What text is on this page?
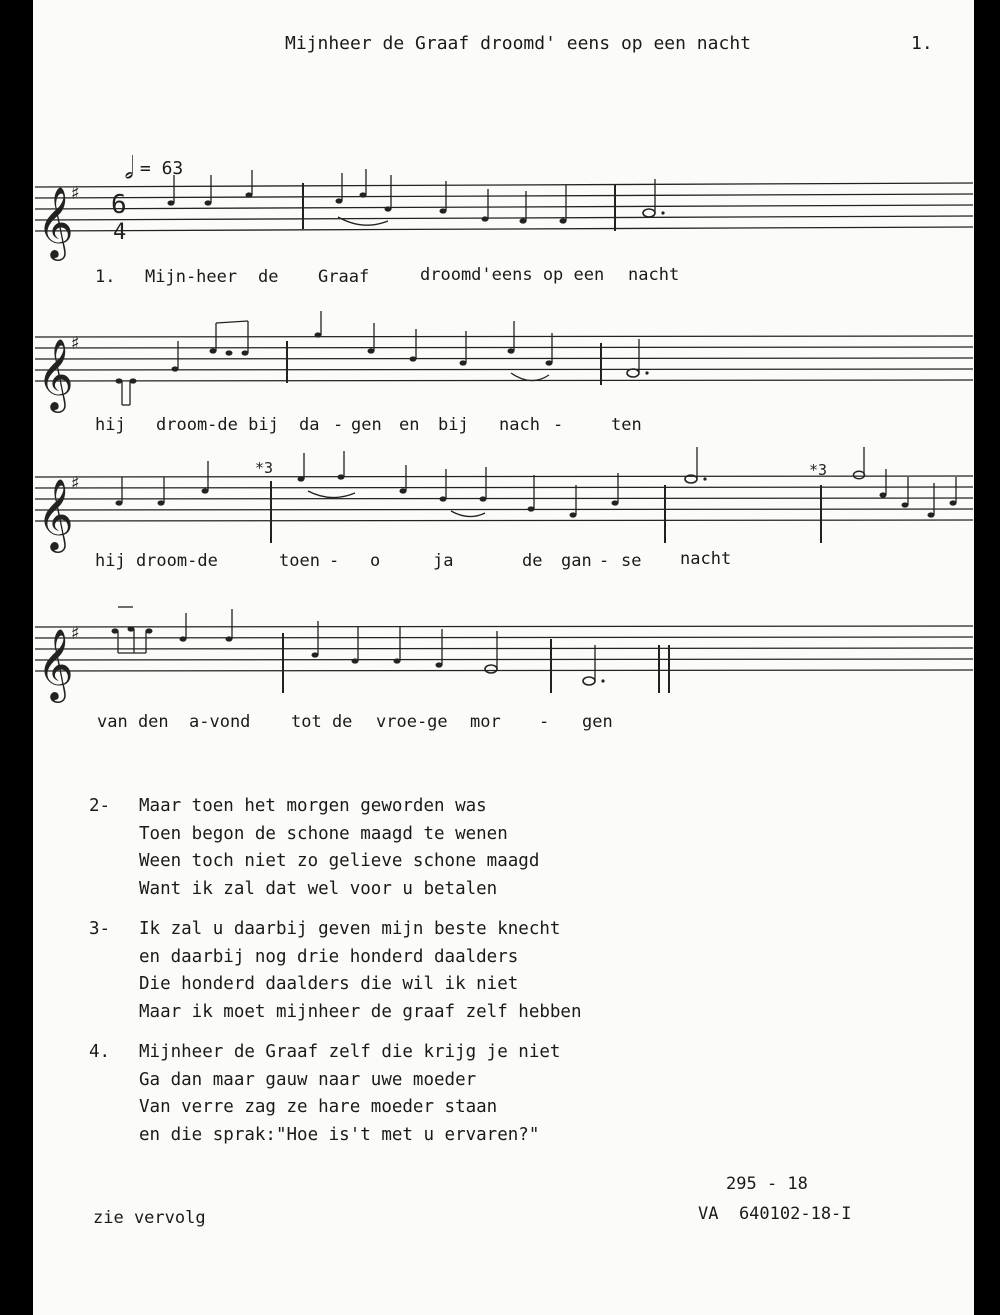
Mijnheer de Graaf droomd' eens op een nacht	1.

𝅗𝅥 = 63

𝄞
♯ 6
4
1. Mijn-heer de Graaf	droomd'eens op een nacht
𝄞
♯
hij droom-de bij da - gen en bij nach -	ten
𝄞
♯
*3	*3
hij droom-de	toen - o	ja	de gan - se nacht
𝄞
♯
van den a-vond tot de vroe-ge mor - gen
2- Maar toen het morgen geworden was
Toen begon de schone maagd te wenen
Ween toch niet zo gelieve schone maagd
Want ik zal dat wel voor u betalen
3- Ik zal u daarbij geven mijn beste knecht
en daarbij nog drie honderd daalders
Die honderd daalders die wil ik niet
Maar ik moet mijnheer de graaf zelf hebben
4. Mijnheer de Graaf zelf die krijg je niet
Ga dan maar gauw naar uwe moeder
Van verre zag ze hare moeder staan
en die sprak:"Hoe is't met u ervaren?"
zie vervolg
295 - 18
VA  640102-18-I
